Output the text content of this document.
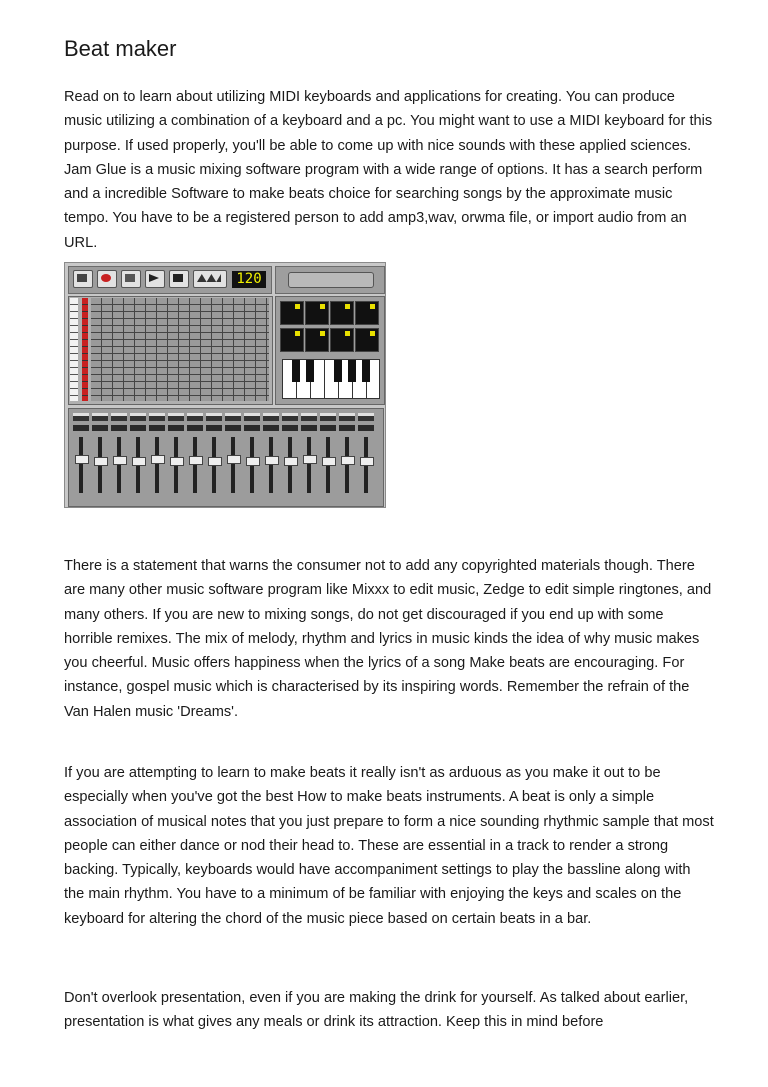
Beat maker

Read on to learn about utilizing MIDI keyboards and applications for creating. You can produce music utilizing a combination of a keyboard and a pc. You might want to use a MIDI keyboard for this purpose. If used properly, you'll be able to come up with nice sounds with these applied sciences. Jam Glue is a music mixing software program with a wide range of options. It has a search perform and a incredible Software to make beats choice for searching songs by the approximate music tempo. You have to be a registered person to add amp3,wav, orwma file, or import audio from an URL.

120

There is a statement that warns the consumer not to add any copyrighted materials though. There are many other music software program like Mixxx to edit music, Zedge to edit simple ringtones, and many others. If you are new to mixing songs, do not get discouraged if you end up with some horrible remixes. The mix of melody, rhythm and lyrics in music kinds the idea of why music makes you cheerful. Music offers happiness when the lyrics of a song Make beats are encouraging. For instance, gospel music which is characterised by its inspiring words. Remember the refrain of the Van Halen music 'Dreams'.

If you are attempting to learn to make beats it really isn't as arduous as you make it out to be especially when you've got the best How to make beats instruments. A beat is only a simple association of musical notes that you just prepare to form a nice sounding rhythmic sample that most people can either dance or nod their head to. These are essential in a track to render a strong backing. Typically, keyboards would have accompaniment settings to play the bassline along with the main rhythm. You have to a minimum of be familiar with enjoying the keys and scales on the keyboard for altering the chord of the music piece based on certain beats in a bar.

Don't overlook presentation, even if you are making the drink for yourself. As talked about earlier, presentation is what gives any meals or drink its attraction. Keep this in mind before
